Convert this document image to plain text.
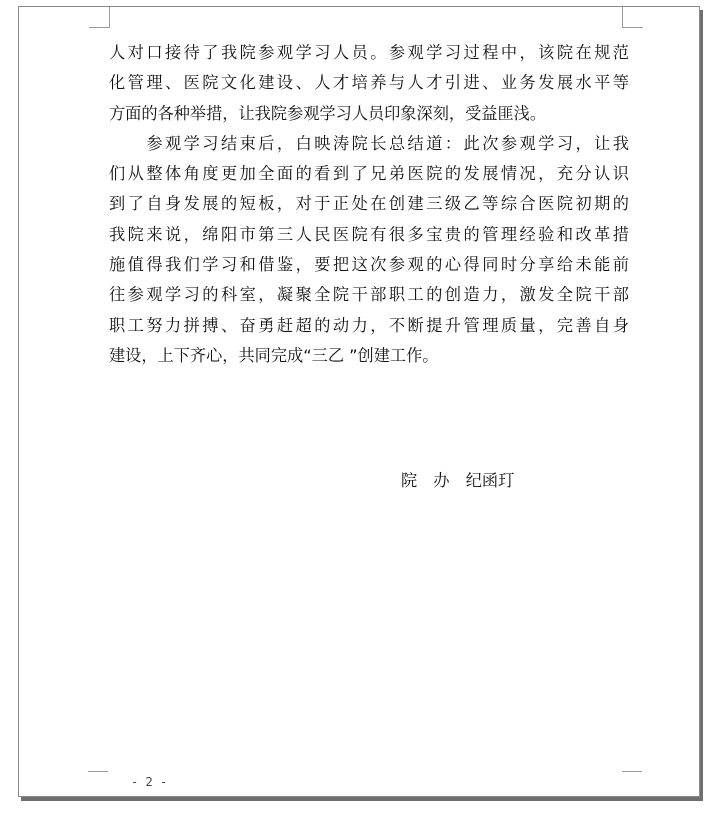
人对口接待了我院参观学习人员。参观学习过程中，该院在规范
化管理、医院文化建设、人才培养与人才引进、业务发展水平等
方面的各种举措，让我院参观学习人员印象深刻，受益匪浅。
　　参观学习结束后，白映涛院长总结道：此次参观学习，让我
们从整体角度更加全面的看到了兄弟医院的发展情况，充分认识
到了自身发展的短板，对于正处在创建三级乙等综合医院初期的
我院来说，绵阳市第三人民医院有很多宝贵的管理经验和改革措
施值得我们学习和借鉴，要把这次参观的心得同时分享给未能前
往参观学习的科室，凝聚全院干部职工的创造力，激发全院干部
职工努力拼搏、奋勇赶超的动力，不断提升管理质量，完善自身
建设，上下齐心，共同完成“三乙 ”创建工作。
院　办　纪函玎
- 2 -
